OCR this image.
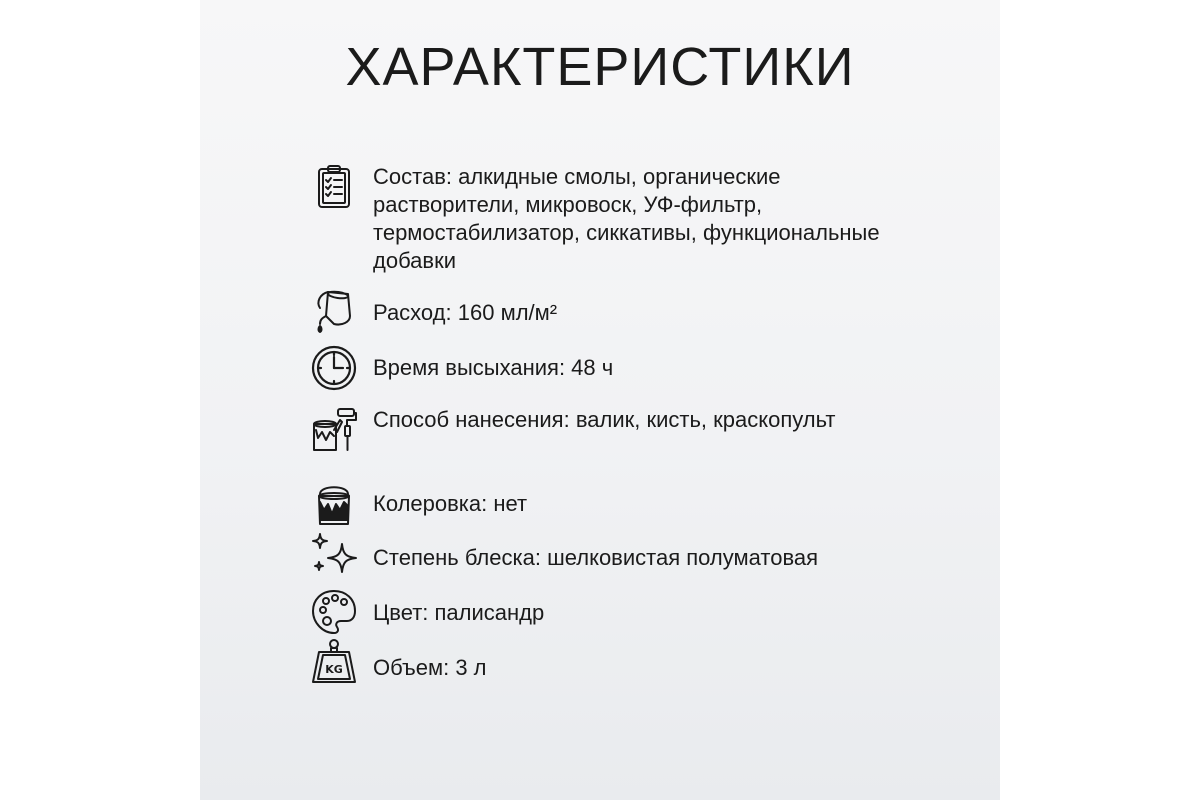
ХАРАКТЕРИСТИКИ
Состав: алкидные смолы, органические растворители, микровоск, УФ-фильтр, термостабилизатор, сиккативы, функциональные добавки
Расход: 160 мл/м²
Время высыхания: 48 ч
Способ нанесения: валик, кисть, краскопульт
Колеровка: нет
Степень блеска: шелковистая полуматовая
Цвет: палисандр
KG Объем: 3 л
